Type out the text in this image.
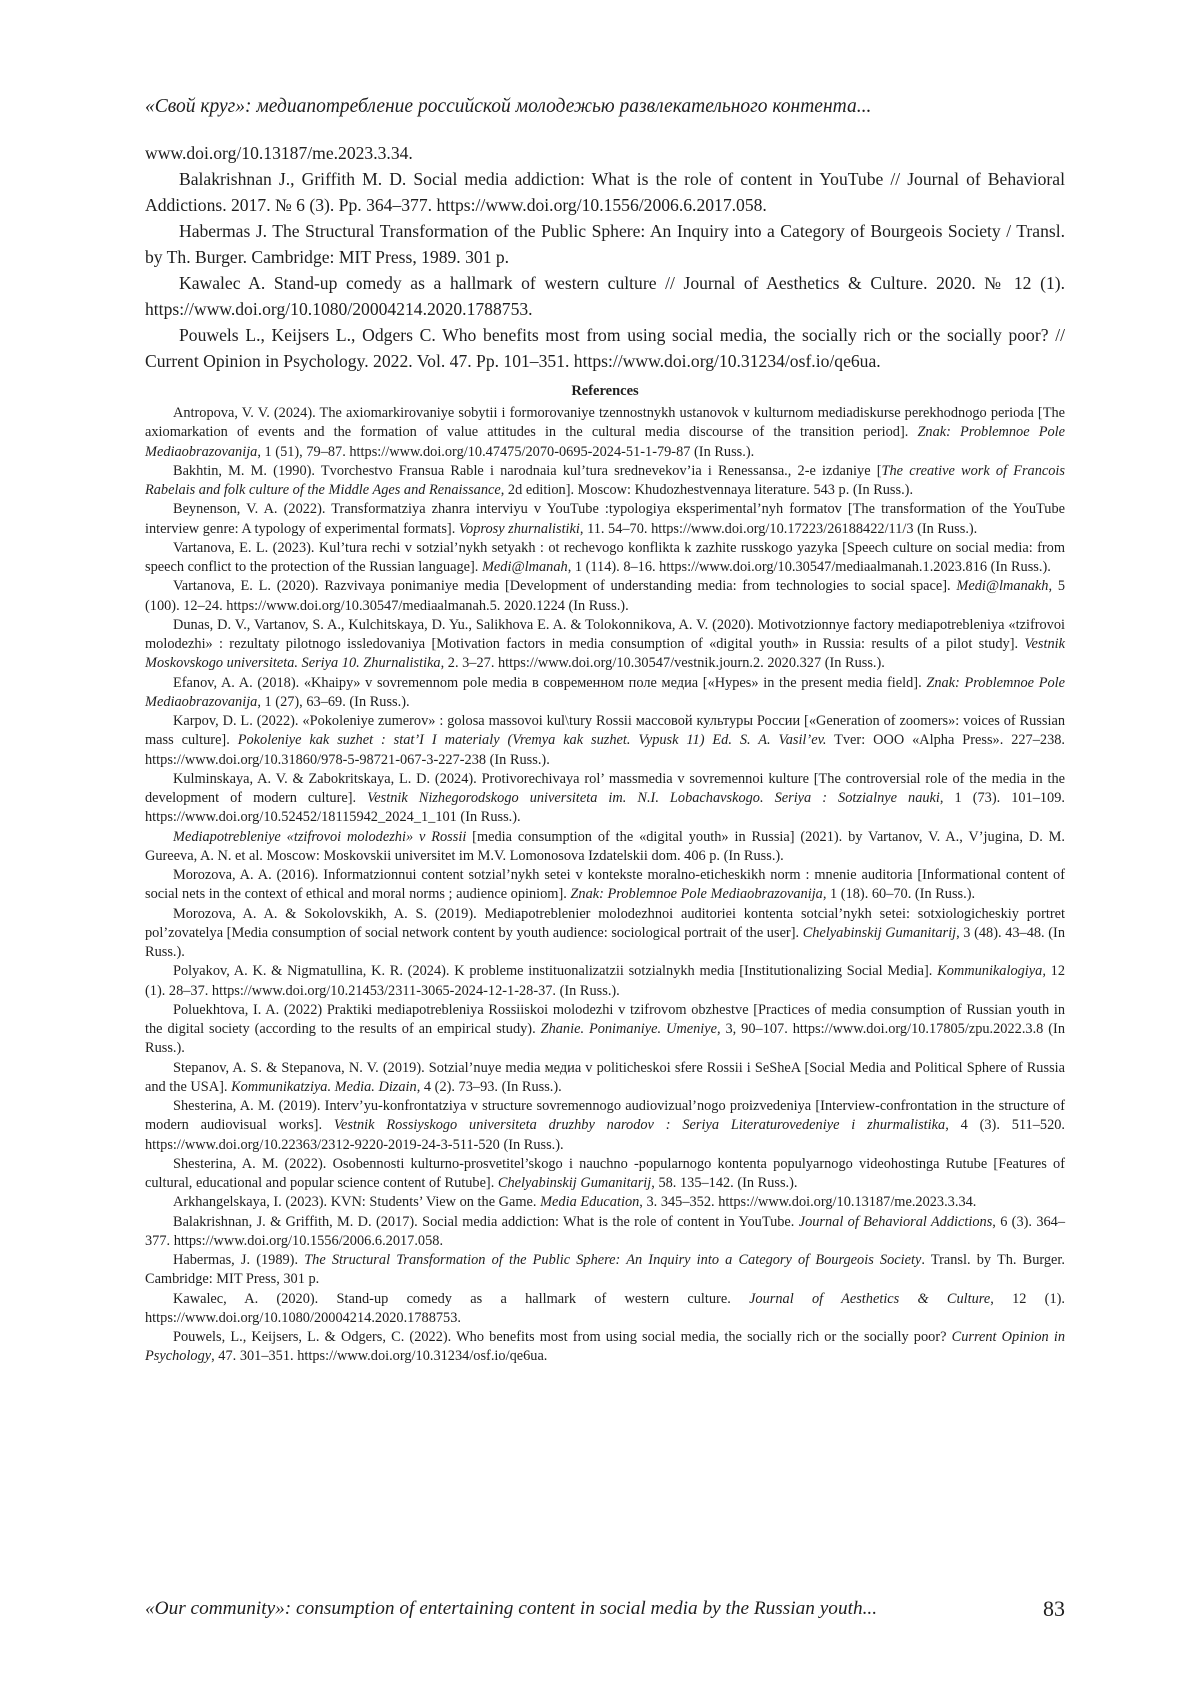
«Свой круг»: медиапотребление российской молодежью развлекательного контента...

www.doi.org/10.13187/me.2023.3.34.

Balakrishnan J., Griffith M. D. Social media addiction: What is the role of content in YouTube // Journal of Behavioral Addictions. 2017. № 6 (3). Pp. 364–377. https://www.doi.org/10.1556/2006.6.2017.058.

Habermas J. The Structural Transformation of the Public Sphere: An Inquiry into a Category of Bourgeois Society / Transl. by Th. Burger. Cambridge: MIT Press, 1989. 301 p.

Kawalec A. Stand-up comedy as a hallmark of western culture // Journal of Aesthetics & Culture. 2020. № 12 (1). https://www.doi.org/10.1080/20004214.2020.1788753.

Pouwels L., Keijsers L., Odgers C. Who benefits most from using social media, the socially rich or the socially poor? // Current Opinion in Psychology. 2022. Vol. 47. Pp. 101–351. https://www.doi.org/10.31234/osf.io/qe6ua.

References

Antropova, V. V. (2024). The axiomarkirovaniye sobytii i formorovaniye tzennostnykh ustanovok v kulturnom mediadiskurse perekhodnogo perioda [The axiomarkation of events and the formation of value attitudes in the cultural media discourse of the transition period]. Znak: Problemnoe Pole Mediaobrazovanija, 1 (51), 79–87. https://www.doi.org/10.47475/2070-0695-2024-51-1-79-87 (In Russ.).

Bakhtin, M. M. (1990). Tvorchestvo Fransua Rable i narodnaia kul’tura srednevekov’ia i Renessansa., 2-e izdaniye [The creative work of Francois Rabelais and folk culture of the Middle Ages and Renaissance, 2d edition]. Moscow: Khudozhestvennaya literature. 543 p. (In Russ.).

Beynenson, V. A. (2022). Transformatziya zhanra interviyu v YouTube :typologiya eksperimental’nyh formatov [The transformation of the YouTube interview genre: A typology of experimental formats]. Voprosy zhurnalistiki, 11. 54–70. https://www.doi.org/10.17223/26188422/11/3 (In Russ.).

Vartanova, E. L. (2023). Kul’tura rechi v sotzial’nykh setyakh : ot rechevogo konflikta k zazhite russkogo yazyka [Speech culture on social media: from speech conflict to the protection of the Russian language]. Medi@lmanah, 1 (114). 8–16. https://www.doi.org/10.30547/mediaalmanah.1.2023.816 (In Russ.).

Vartanova, E. L. (2020). Razvivaya ponimaniye media [Development of understanding media: from technologies to social space]. Medi@lmanakh, 5 (100). 12–24. https://www.doi.org/10.30547/mediaalmanah.5. 2020.1224 (In Russ.).

Dunas, D. V., Vartanov, S. A., Kulchitskaya, D. Yu., Salikhova E. A. & Tolokonnikova, A. V. (2020). Motivotzionnye factory mediapotrebleniya «tzifrovoi molodezhi» : rezultaty pilotnogo issledovaniya [Motivation factors in media consumption of «digital youth» in Russia: results of a pilot study]. Vestnik Moskovskogo universiteta. Seriya 10. Zhurnalistika, 2. 3–27. https://www.doi.org/10.30547/vestnik.journ.2. 2020.327 (In Russ.).

Efanov, A. A. (2018). «Khaipy» v sovremennom pole media в современном поле медиа [«Hypes» in the present media field]. Znak: Problemnoe Pole Mediaobrazovanija, 1 (27), 63–69. (In Russ.).

Karpov, D. L. (2022). «Pokoleniye zumerov» : golosa massovoi kul\tury Rossii массовой культуры России [«Generation of zoomers»: voices of Russian mass culture]. Pokoleniye kak suzhet : stat’I I materialy (Vremya kak suzhet. Vypusk 11) Ed. S. A. Vasil’ev. Tver: OOO «Alpha Press». 227–238. https://www.doi.org/10.31860/978-5-98721-067-3-227-238 (In Russ.).

Kulminskaya, A. V. & Zabokritskaya, L. D. (2024). Protivorechivaya rol’ massmedia v sovremennoi kulture [The controversial role of the media in the development of modern culture]. Vestnik Nizhegorodskogo universiteta im. N.I. Lobachavskogo. Seriya : Sotzialnye nauki, 1 (73). 101–109. https://www.doi.org/10.52452/18115942_2024_1_101 (In Russ.).

Mediapotrebleniye «tzifrovoi molodezhi» v Rossii [media consumption of the «digital youth» in Russia] (2021). by Vartanov, V. A., V’jugina, D. M. Gureeva, A. N. et al. Moscow: Moskovskii universitet im M.V. Lomonosova Izdatelskii dom. 406 p. (In Russ.).

Morozova, A. A. (2016). Informatzionnui content sotzial’nykh setei v kontekste moralno-eticheskikh norm : mnenie auditoria [Informational content of social nets in the context of ethical and moral norms ; audience opiniom]. Znak: Problemnoe Pole Mediaobrazovanija, 1 (18). 60–70. (In Russ.).

Morozova, A. A. & Sokolovskikh, A. S. (2019). Mediapotreblenier molodezhnoi auditoriei kontenta sotcial’nykh setei: sotxiologicheskiy portret pol’zovatelya [Media consumption of social network content by youth audience: sociological portrait of the user]. Chelyabinskij Gumanitarij, 3 (48). 43–48. (In Russ.).

Polyakov, A. K. & Nigmatullina, K. R. (2024). K probleme instituonalizatzii sotzialnykh media [Institutionalizing Social Media]. Kommunikalogiya, 12 (1). 28–37. https://www.doi.org/10.21453/2311-3065-2024-12-1-28-37. (In Russ.).

Poluekhtova, I. A. (2022) Praktiki mediapotrebleniya Rossiiskoi molodezhi v tzifrovom obzhestve [Practices of media consumption of Russian youth in the digital society (according to the results of an empirical study). Zhanie. Ponimaniye. Umeniye, 3, 90–107. https://www.doi.org/10.17805/zpu.2022.3.8 (In Russ.).

Stepanov, A. S. & Stepanova, N. V. (2019). Sotzial’nuye media медиа v politicheskoi sfere Rossii i SeSheA [Social Media and Political Sphere of Russia and the USA]. Kommunikatziya. Media. Dizain, 4 (2). 73–93. (In Russ.).

Shesterina, A. M. (2019). Interv’yu-konfrontatziya v structure sovremennogo audiovizual’nogo proizvedeniya [Interview-confrontation in the structure of modern audiovisual works]. Vestnik Rossiyskogo universiteta druzhby narodov : Seriya Literaturovedeniye i zhurmalistika, 4 (3). 511–520. https://www.doi.org/10.22363/2312-9220-2019-24-3-511-520 (In Russ.).

Shesterina, A. M. (2022). Osobennosti kulturno-prosvetitel’skogo i nauchno -popularnogo kontenta populyarnogo videohostinga Rutube [Features of cultural, educational and popular science content of Rutube]. Chelyabinskij Gumanitarij, 58. 135–142. (In Russ.).

Arkhangelskaya, I. (2023). KVN: Students’ View on the Game. Media Education, 3. 345–352. https://www.doi.org/10.13187/me.2023.3.34.

Balakrishnan, J. & Griffith, M. D. (2017). Social media addiction: What is the role of content in YouTube. Journal of Behavioral Addictions, 6 (3). 364–377. https://www.doi.org/10.1556/2006.6.2017.058.

Habermas, J. (1989). The Structural Transformation of the Public Sphere: An Inquiry into a Category of Bourgeois Society. Transl. by Th. Burger. Cambridge: MIT Press, 301 p.

Kawalec, A. (2020). Stand-up comedy as a hallmark of western culture. Journal of Aesthetics & Culture, 12 (1). https://www.doi.org/10.1080/20004214.2020.1788753.

Pouwels, L., Keijsers, L. & Odgers, C. (2022). Who benefits most from using social media, the socially rich or the socially poor? Current Opinion in Psychology, 47. 301–351. https://www.doi.org/10.31234/osf.io/qe6ua.

«Our community»: consumption of entertaining content in social media by the Russian youth...	83
